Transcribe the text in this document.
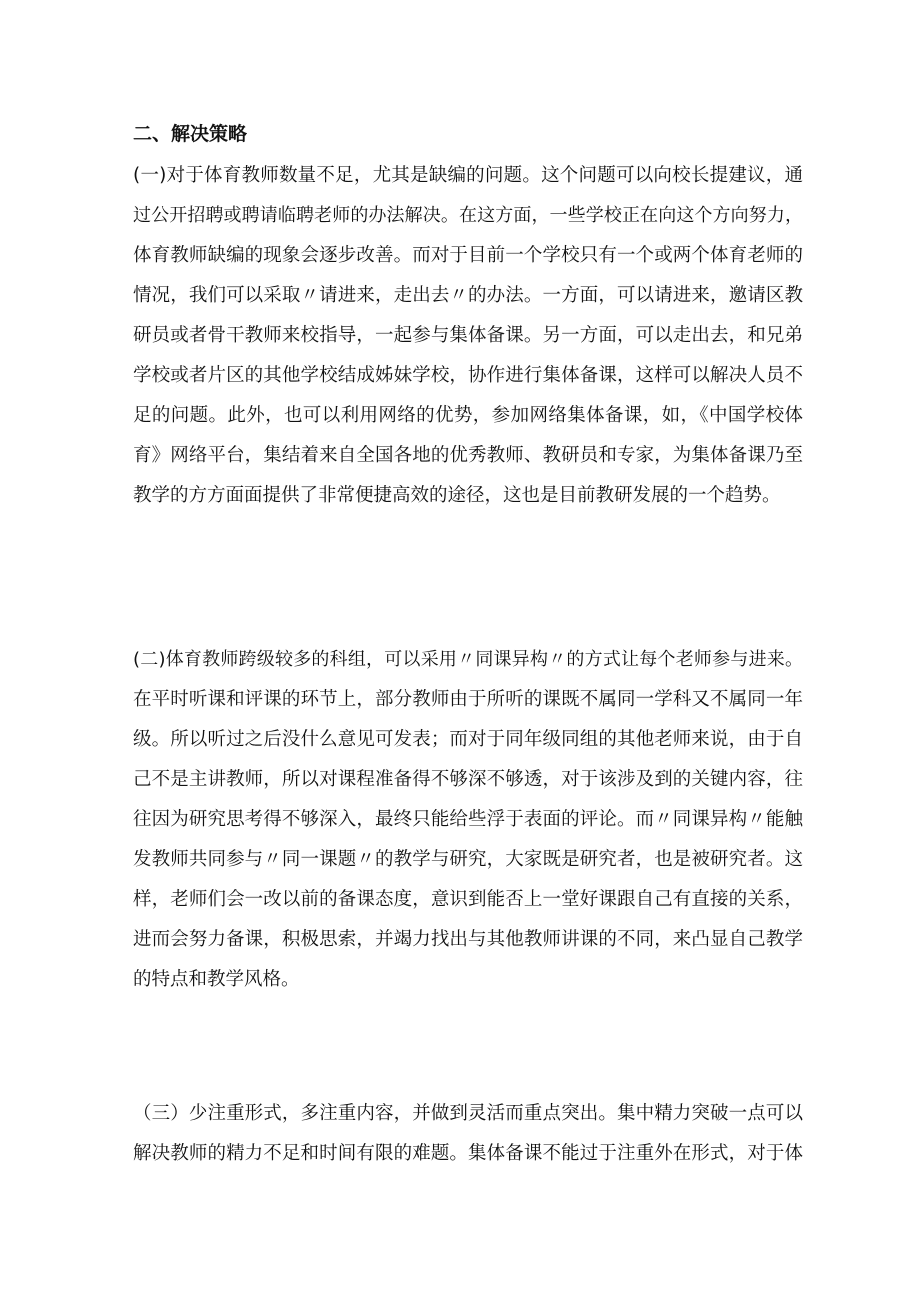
二、解决策略
(一)对于体育教师数量不足，尤其是缺编的问题。这个问题可以向校长提建议，通
过公开招聘或聘请临聘老师的办法解决。在这方面，一些学校正在向这个方向努力，
体育教师缺编的现象会逐步改善。而对于目前一个学校只有一个或两个体育老师的
情况，我们可以采取〃请进来，走出去〃的办法。一方面，可以请进来，邀请区教
研员或者骨干教师来校指导，一起参与集体备课。另一方面，可以走出去，和兄弟
学校或者片区的其他学校结成姊妹学校，协作进行集体备课，这样可以解决人员不
足的问题。此外，也可以利用网络的优势，参加网络集体备课，如，《中国学校体
育》网络平台，集结着来自全国各地的优秀教师、教研员和专家，为集体备课乃至
教学的方方面面提供了非常便捷高效的途径，这也是目前教研发展的一个趋势。
(二)体育教师跨级较多的科组，可以采用〃同课异构〃的方式让每个老师参与进来。
在平时听课和评课的环节上，部分教师由于所听的课既不属同一学科又不属同一年
级。所以听过之后没什么意见可发表；而对于同年级同组的其他老师来说，由于自
己不是主讲教师，所以对课程准备得不够深不够透，对于该涉及到的关键内容，往
往因为研究思考得不够深入，最终只能给些浮于表面的评论。而〃同课异构〃能触
发教师共同参与〃同一课题〃的教学与研究，大家既是研究者，也是被研究者。这
样，老师们会一改以前的备课态度，意识到能否上一堂好课跟自己有直接的关系，
进而会努力备课，积极思索，并竭力找出与其他教师讲课的不同，来凸显自己教学
的特点和教学风格。
（三）少注重形式，多注重内容，并做到灵活而重点突出。集中精力突破一点可以
解决教师的精力不足和时间有限的难题。集体备课不能过于注重外在形式，对于体
